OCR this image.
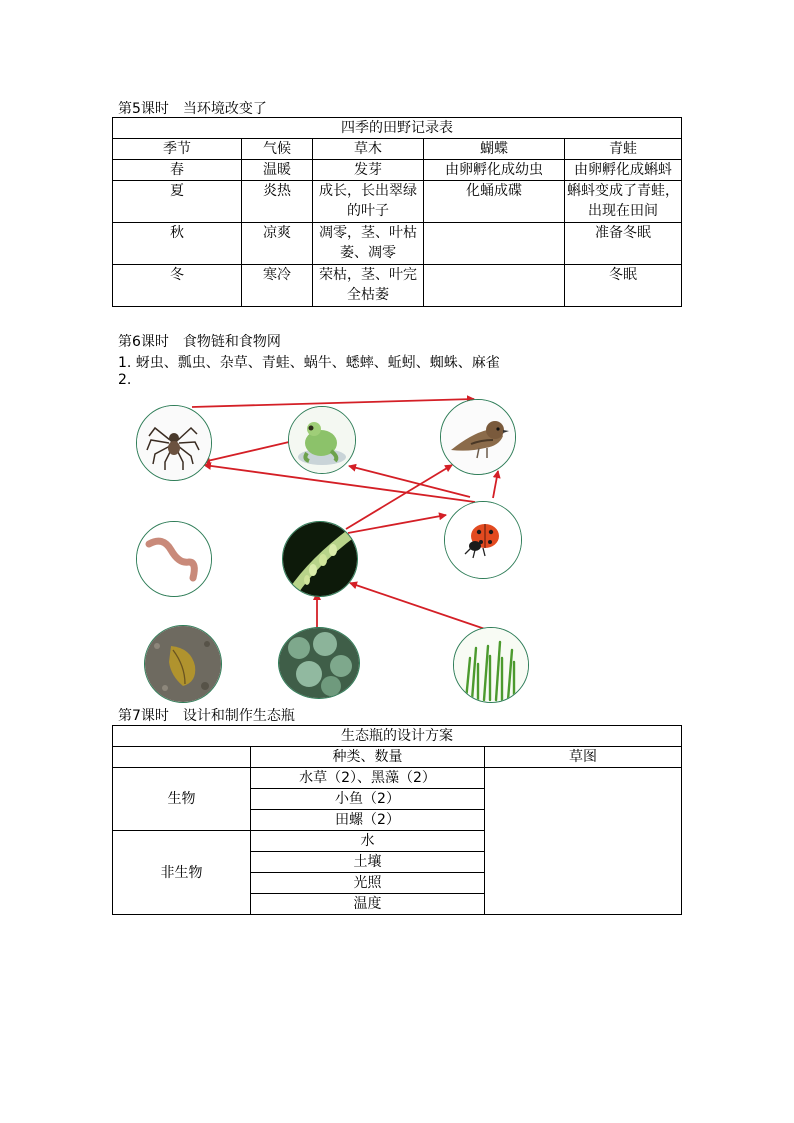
第5课时　当环境改变了
四季的田野记录表				
季节	气候	草木	蝴蝶	青蛙
春	温暖	发芽	由卵孵化成幼虫	由卵孵化成蝌蚪
夏	炎热	成长，长出翠绿的叶子	化蛹成碟	蝌蚪变成了青蛙，出现在田间
秋	凉爽	凋零，茎、叶枯萎、凋零		准备冬眠
冬	寒冷	荣枯，茎、叶完全枯萎		冬眠
第6课时　食物链和食物网
1. 蚜虫、瓢虫、杂草、青蛙、蜗牛、蟋蟀、蚯蚓、蜘蛛、麻雀
2.
第7课时　设计和制作生态瓶
生态瓶的设计方案		
	种类、数量	草图
生物	水草（2）、黑藻（2）	
	小鱼（2）	
	田螺（2）	
非生物	水	
	土壤	
	光照	
	温度	
